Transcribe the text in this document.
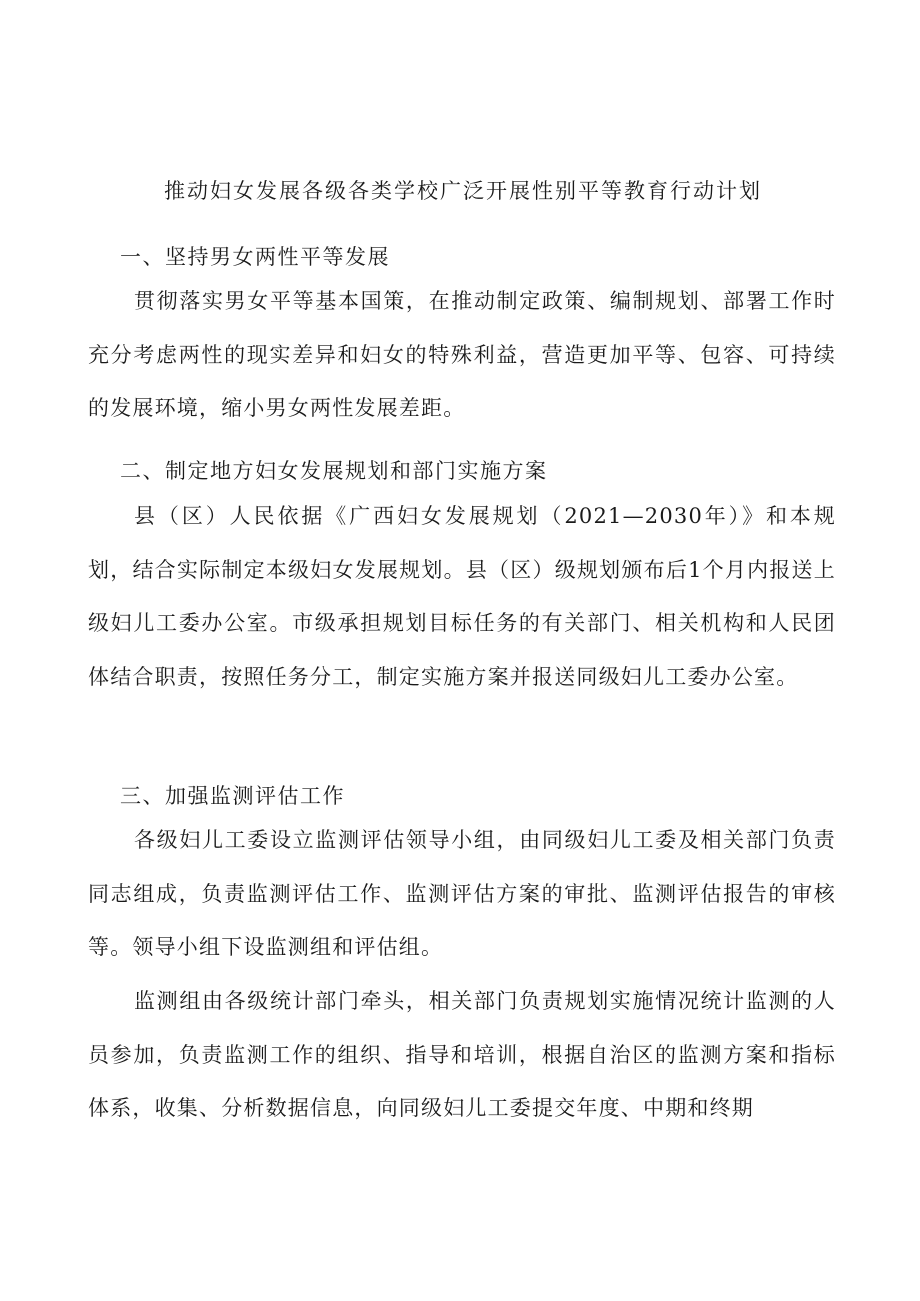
推动妇女发展各级各类学校广泛开展性别平等教育行动计划
一、坚持男女两性平等发展

贯彻落实男女平等基本国策，在推动制定政策、编制规划、部署工作时充分考虑两性的现实差异和妇女的特殊利益，营造更加平等、包容、可持续的发展环境，缩小男女两性发展差距。

二、制定地方妇女发展规划和部门实施方案

县（区）人民依据《广西妇女发展规划（2021—2030年）》和本规划，结合实际制定本级妇女发展规划。县（区）级规划颁布后1个月内报送上级妇儿工委办公室。市级承担规划目标任务的有关部门、相关机构和人民团体结合职责，按照任务分工，制定实施方案并报送同级妇儿工委办公室。

三、加强监测评估工作

各级妇儿工委设立监测评估领导小组，由同级妇儿工委及相关部门负责同志组成，负责监测评估工作、监测评估方案的审批、监测评估报告的审核等。领导小组下设监测组和评估组。

监测组由各级统计部门牵头，相关部门负责规划实施情况统计监测的人员参加，负责监测工作的组织、指导和培训，根据自治区的监测方案和指标体系，收集、分析数据信息，向同级妇儿工委提交年度、中期和终期
